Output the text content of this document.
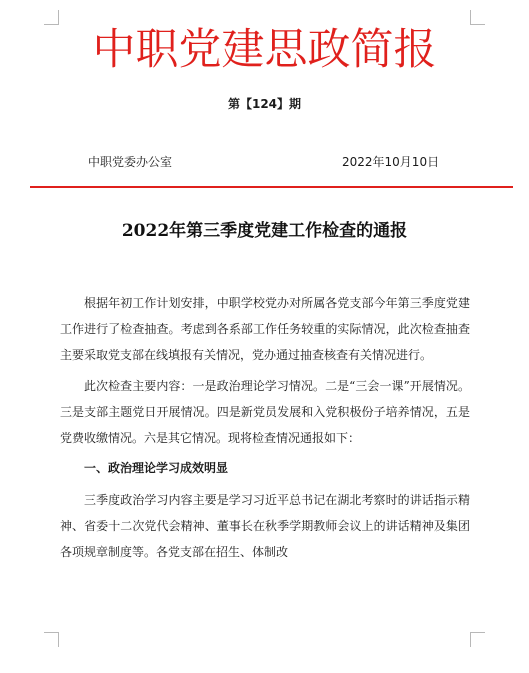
中职党建思政简报
第【124】期
中职党委办公室	2022年10月10日
2022年第三季度党建工作检查的通报

根据年初工作计划安排，中职学校党办对所属各党支部今年第三季度党建工作进行了检查抽查。考虑到各系部工作任务较重的实际情况，此次检查抽查主要采取党支部在线填报有关情况，党办通过抽查核查有关情况进行。

此次检查主要内容：一是政治理论学习情况。二是“三会一课”开展情况。三是支部主题党日开展情况。四是新党员发展和入党积极份子培养情况，五是党费收缴情况。六是其它情况。现将检查情况通报如下：

一、政治理论学习成效明显

三季度政治学习内容主要是学习习近平总书记在湖北考察时的讲话指示精神、省委十二次党代会精神、董事长在秋季学期教师会议上的讲话精神及集团各项规章制度等。各党支部在招生、体制改
